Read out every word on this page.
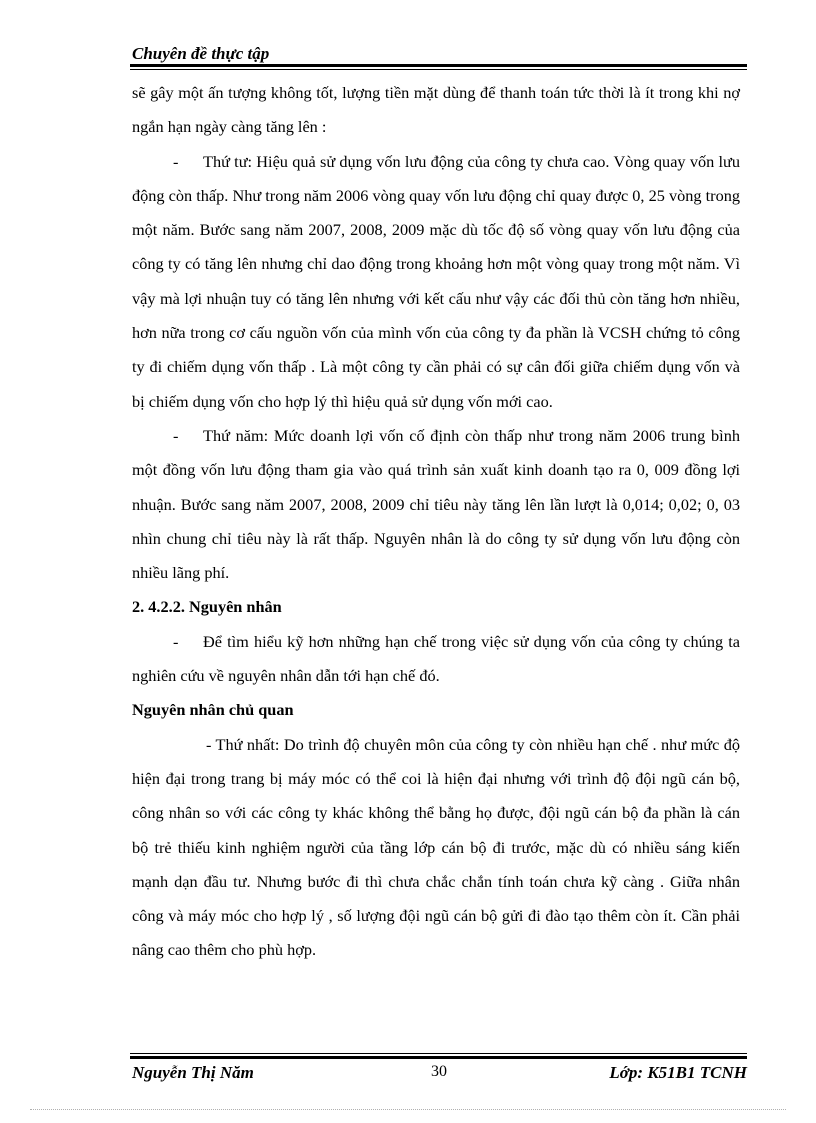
Chuyên đề thực tập

sẽ gây một ấn tượng không tốt, lượng tiền mặt dùng để thanh toán tức thời là ít trong khi nợ ngắn hạn ngày càng tăng lên :

- Thứ tư: Hiệu quả sử dụng vốn lưu động của công ty chưa cao. Vòng quay vốn lưu động còn thấp. Như trong năm 2006 vòng quay vốn lưu động chỉ quay được 0, 25 vòng trong một năm. Bước sang năm 2007, 2008, 2009 mặc dù tốc độ số vòng quay vốn lưu động của công ty có tăng lên nhưng chỉ dao động trong khoảng hơn một vòng quay trong một năm. Vì vậy mà lợi nhuận tuy có tăng lên nhưng với kết cấu như vậy các đối thủ còn tăng hơn nhiều, hơn nữa trong cơ cấu nguồn vốn của mình vốn của công ty đa phần là VCSH chứng tỏ công ty đi chiếm dụng vốn thấp . Là một công ty cần phải có sự cân đối giữa chiếm dụng vốn và bị chiếm dụng vốn cho hợp lý thì hiệu quả sử dụng vốn mới cao.

- Thứ năm: Mức doanh lợi vốn cố định còn thấp như trong năm 2006 trung bình một đồng vốn lưu động tham gia vào quá trình sản xuất kinh doanh tạo ra 0, 009 đồng lợi nhuận. Bước sang năm 2007, 2008, 2009 chỉ tiêu này tăng lên lần lượt là 0,014; 0,02; 0, 03 nhìn chung chỉ tiêu này là rất thấp. Nguyên nhân là do công ty sử dụng vốn lưu động còn nhiều lãng phí.

2. 4.2.2. Nguyên nhân

- Để tìm hiểu kỹ hơn những hạn chế trong việc sử dụng vốn của công ty chúng ta nghiên cứu về nguyên nhân dẫn tới hạn chế đó.

Nguyên nhân chủ quan

- Thứ nhất: Do trình độ chuyên môn của công ty còn nhiều hạn chế . như mức độ hiện đại trong trang bị máy móc có thể coi là hiện đại nhưng với trình độ đội ngũ cán bộ, công nhân so với các công ty khác không thể bằng họ được, đội ngũ cán bộ đa phần là cán bộ trẻ thiếu kinh nghiệm người của tầng lớp cán bộ đi trước, mặc dù có nhiều sáng kiến mạnh dạn đầu tư. Nhưng bước đi thì chưa chắc chắn tính toán chưa kỹ càng . Giữa nhân công và máy móc cho hợp lý , số lượng đội ngũ cán bộ gửi đi đào tạo thêm còn ít. Cần phải nâng cao thêm cho phù hợp.

Nguyễn Thị Năm	30	Lớp: K51B1 TCNH
